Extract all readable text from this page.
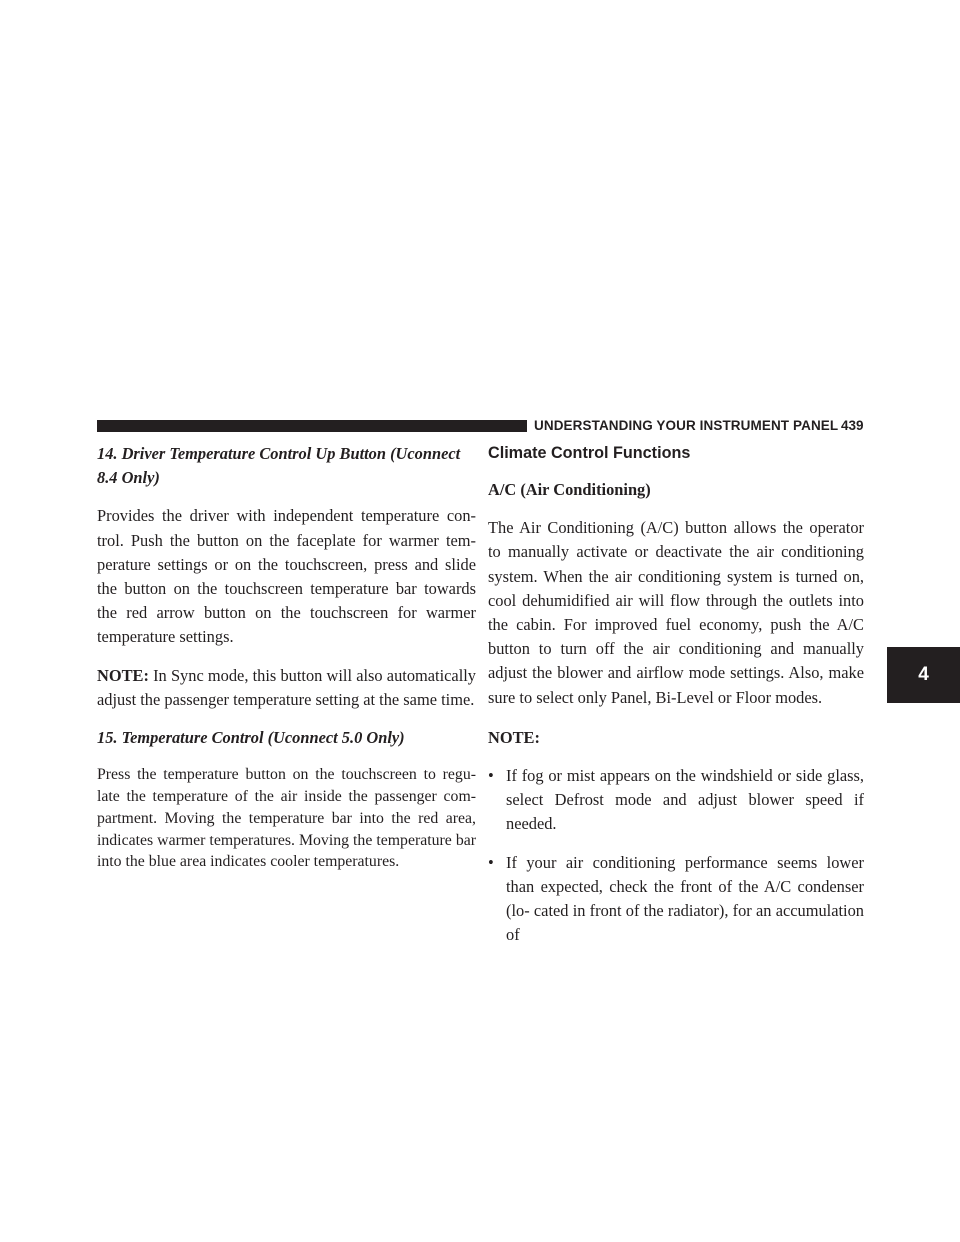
UNDERSTANDING YOUR INSTRUMENT PANEL 439
4

14. Driver Temperature Control Up Button (Uconnect 8.4 Only)

Provides the driver with independent temperature con- trol. Push the button on the faceplate for warmer tem- perature settings or on the touchscreen, press and slide the button on the touchscreen temperature bar towards the red arrow button on the touchscreen for warmer temperature settings.

NOTE: In Sync mode, this button will also automatically adjust the passenger temperature setting at the same time.

15. Temperature Control (Uconnect 5.0 Only)

Press the temperature button on the touchscreen to regu- late the temperature of the air inside the passenger com- partment. Moving the temperature bar into the red area, indicates warmer temperatures. Moving the temperature bar into the blue area indicates cooler temperatures.

Climate Control Functions

A/C (Air Conditioning)

The Air Conditioning (A/C) button allows the operator to manually activate or deactivate the air conditioning system. When the air conditioning system is turned on, cool dehumidified air will flow through the outlets into the cabin. For improved fuel economy, push the A/C button to turn off the air conditioning and manually adjust the blower and airflow mode settings. Also, make sure to select only Panel, Bi-Level or Floor modes.

NOTE:

• If fog or mist appears on the windshield or side glass, select Defrost mode and adjust blower speed if needed.
• If your air conditioning performance seems lower than expected, check the front of the A/C condenser (lo- cated in front of the radiator), for an accumulation of
